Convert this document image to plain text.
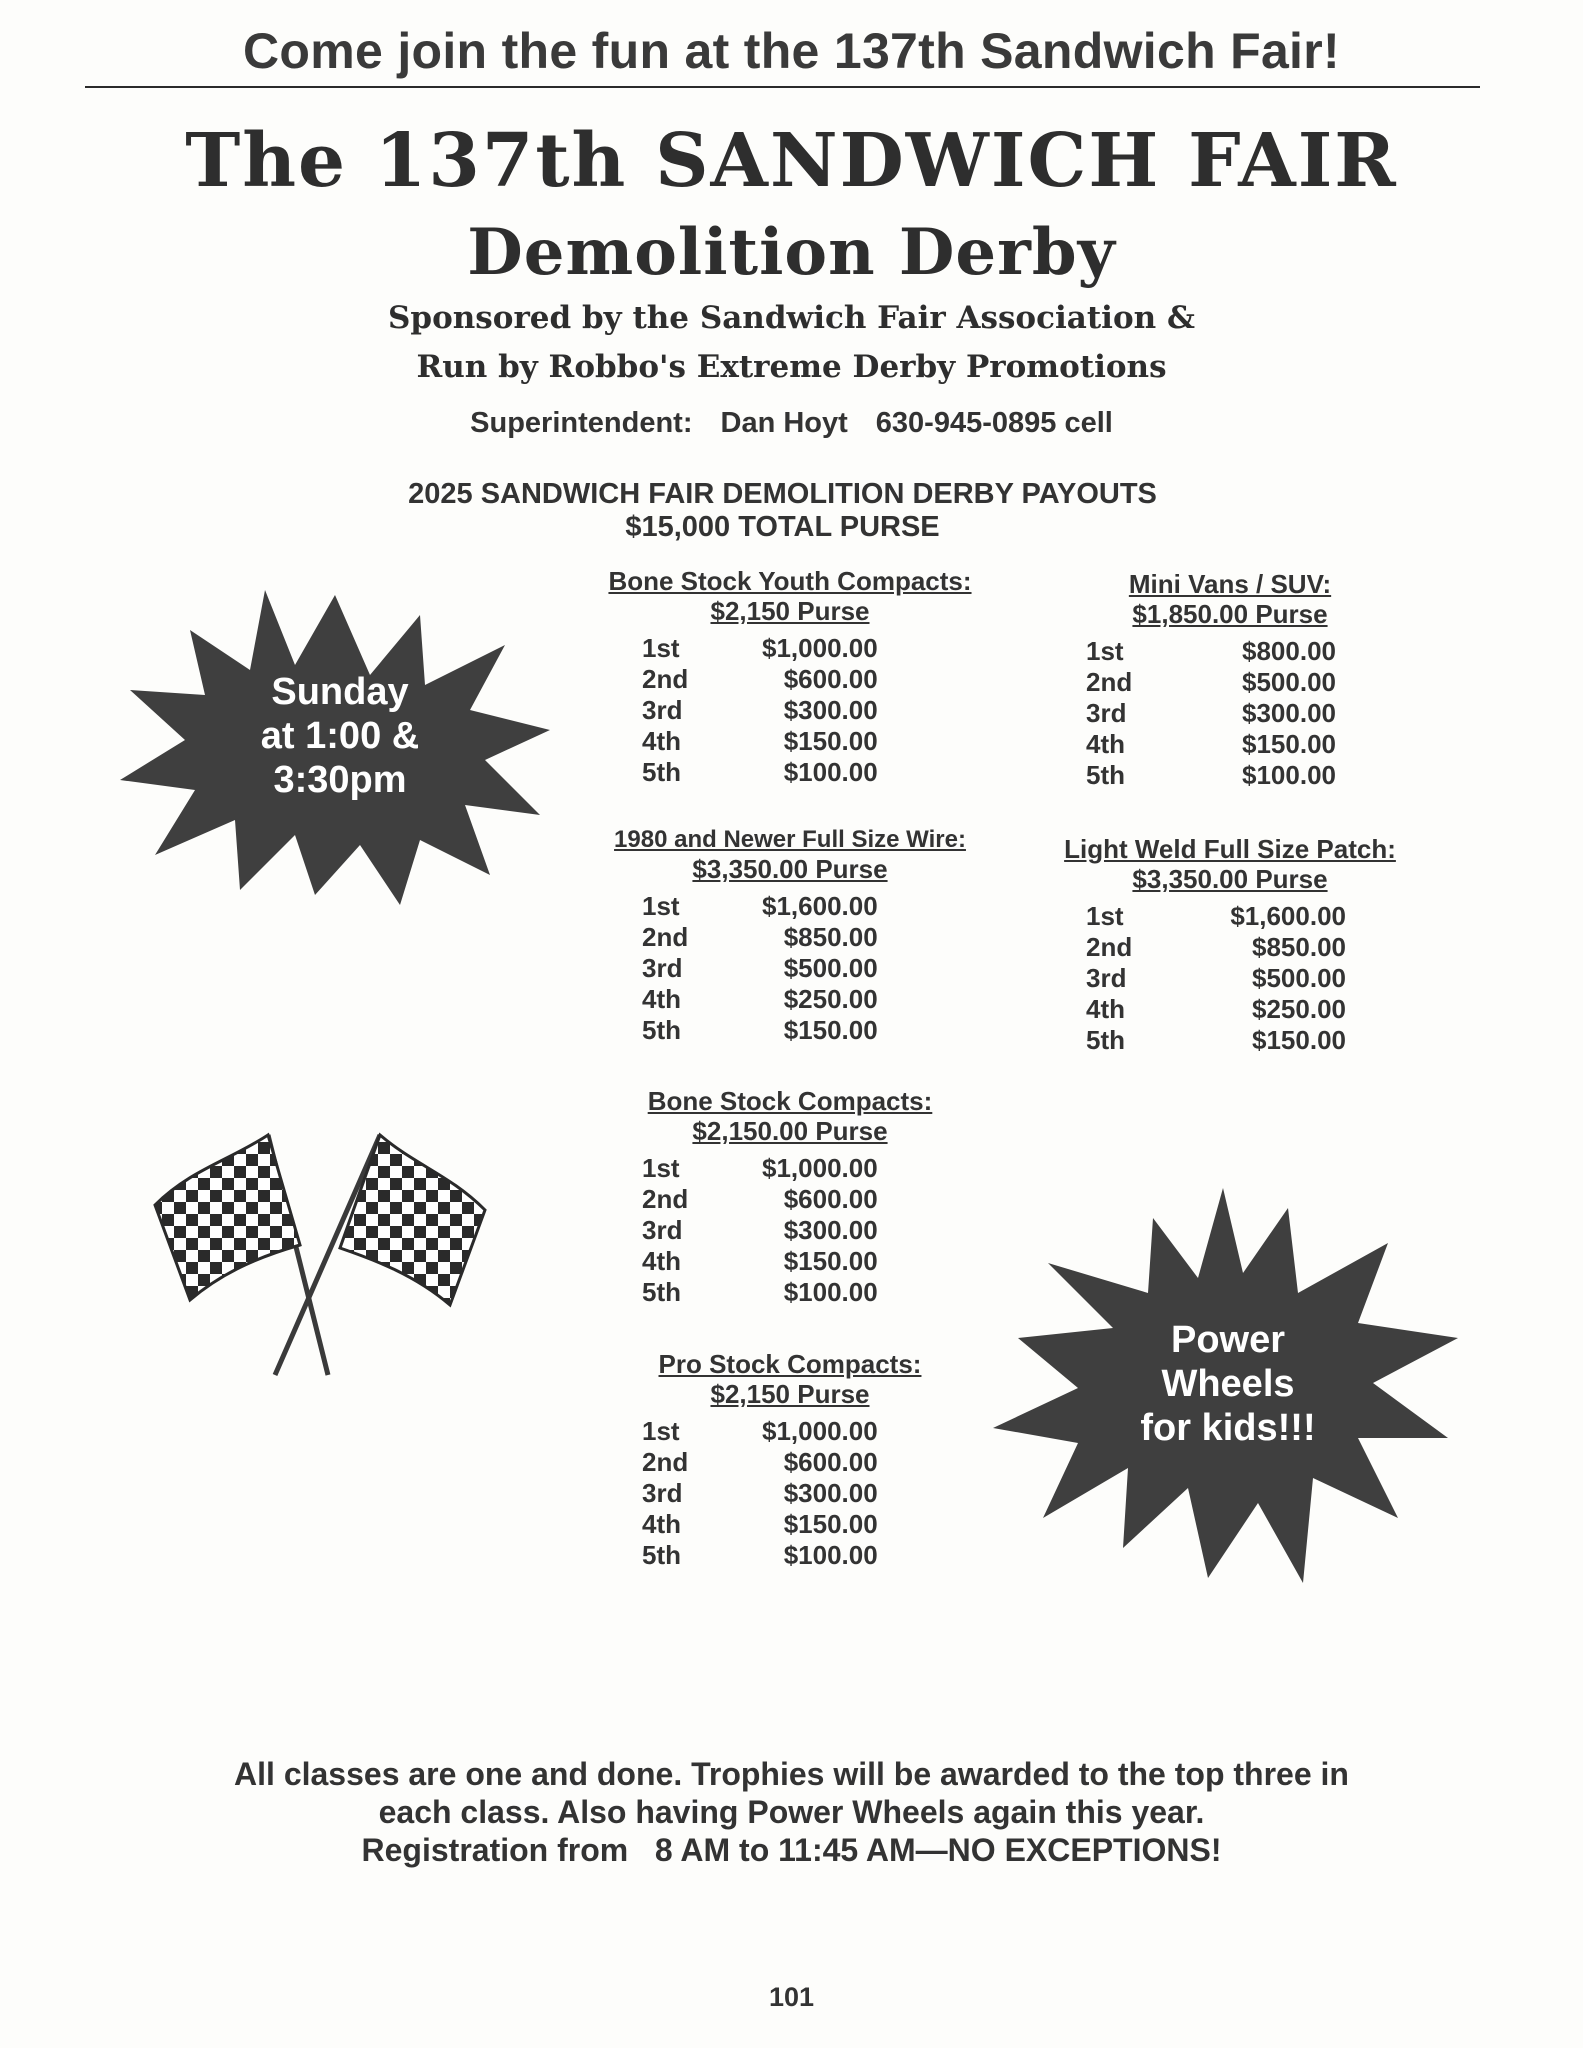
Come join the fun at the 137th Sandwich Fair!
The 137th SANDWICH FAIR
Demolition Derby
Sponsored by the Sandwich Fair Association &
Run by Robbo's Extreme Derby Promotions
Superintendent: Dan Hoyt 630-945-0895 cell
2025 SANDWICH FAIR DEMOLITION DERBY PAYOUTS
$15,000 TOTAL PURSE
Sunday
at 1:00 &
3:30pm
Power
Wheels
for kids!!!
Bone Stock Youth Compacts:
$2,150 Purse
1st	$1,000.00
2nd	$600.00
3rd	$300.00
4th	$150.00
5th	$100.00
Mini Vans / SUV:
$1,850.00 Purse
1st	$800.00
2nd	$500.00
3rd	$300.00
4th	$150.00
5th	$100.00
1980 and Newer Full Size Wire:
$3,350.00 Purse
1st	$1,600.00
2nd	$850.00
3rd	$500.00
4th	$250.00
5th	$150.00
Light Weld Full Size Patch:
$3,350.00 Purse
1st	$1,600.00
2nd	$850.00
3rd	$500.00
4th	$250.00
5th	$150.00
Bone Stock Compacts:
$2,150.00 Purse
1st	$1,000.00
2nd	$600.00
3rd	$300.00
4th	$150.00
5th	$100.00
Pro Stock Compacts:
$2,150 Purse
1st	$1,000.00
2nd	$600.00
3rd	$300.00
4th	$150.00
5th	$100.00
All classes are one and done. Trophies will be awarded to the top three in
each class. Also having Power Wheels again this year.
Registration from   8 AM to 11:45 AM—NO EXCEPTIONS!
101
